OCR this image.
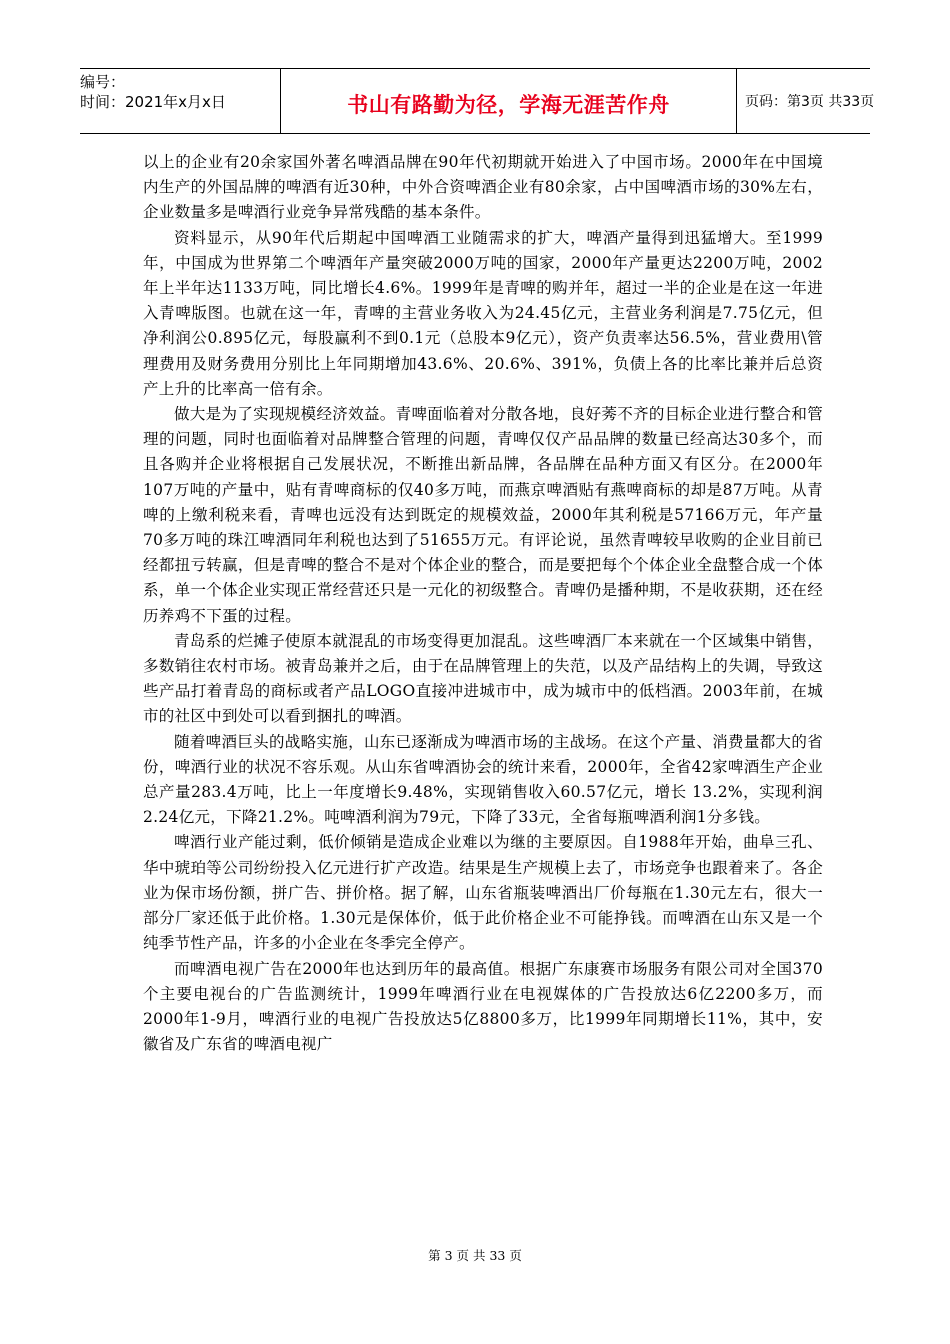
编号：
时间：2021年x月x日	书山有路勤为径，学海无涯苦作舟	页码：第3页 共33页

以上的企业有20余家国外著名啤酒品牌在90年代初期就开始进入了中国市场。2000年在中国境内生产的外国品牌的啤酒有近30种，中外合资啤酒企业有80余家，占中国啤酒市场的30%左右，企业数量多是啤酒行业竞争异常残酷的基本条件。

资料显示，从90年代后期起中国啤酒工业随需求的扩大，啤酒产量得到迅猛增大。至1999年，中国成为世界第二个啤酒年产量突破2000万吨的国家，2000年产量更达2200万吨，2002年上半年达1133万吨，同比增长4.6%。1999年是青啤的购并年，超过一半的企业是在这一年进入青啤版图。也就在这一年，青啤的主营业务收入为24.45亿元，主营业务利润是7.75亿元，但净利润公0.895亿元，每股赢利不到0.1元（总股本9亿元），资产负责率达56.5%，营业费用\管理费用及财务费用分别比上年同期增加43.6%、20.6%、391%，负债上各的比率比兼并后总资产上升的比率高一倍有余。

做大是为了实现规模经济效益。青啤面临着对分散各地，良好莠不齐的目标企业进行整合和管理的问题，同时也面临着对品牌整合管理的问题，青啤仅仅产品品牌的数量已经高达30多个，而且各购并企业将根据自己发展状况，不断推出新品牌，各品牌在品种方面又有区分。在2000年107万吨的产量中，贴有青啤商标的仅40多万吨，而燕京啤酒贴有燕啤商标的却是87万吨。从青啤的上缴利税来看，青啤也远没有达到既定的规模效益，2000年其利税是57166万元，年产量70多万吨的珠江啤酒同年利税也达到了51655万元。有评论说，虽然青啤较早收购的企业目前已经都扭亏转赢，但是青啤的整合不是对个体企业的整合，而是要把每个个体企业全盘整合成一个体系，单一个体企业实现正常经营还只是一元化的初级整合。青啤仍是播种期，不是收获期，还在经历养鸡不下蛋的过程。

青岛系的烂摊子使原本就混乱的市场变得更加混乱。这些啤酒厂本来就在一个区域集中销售，多数销往农村市场。被青岛兼并之后，由于在品牌管理上的失范，以及产品结构上的失调，导致这些产品打着青岛的商标或者产品LOGO直接冲进城市中，成为城市中的低档酒。2003年前，在城市的社区中到处可以看到捆扎的啤酒。

随着啤酒巨头的战略实施，山东已逐渐成为啤酒市场的主战场。在这个产量、消费量都大的省份，啤酒行业的状况不容乐观。从山东省啤酒协会的统计来看，2000年，全省42家啤酒生产企业总产量283.4万吨，比上一年度增长9.48%，实现销售收入60.57亿元，增长 13.2%，实现利润2.24亿元，下降21.2%。吨啤酒利润为79元，下降了33元，全省每瓶啤酒利润1分多钱。

啤酒行业产能过剩，低价倾销是造成企业难以为继的主要原因。自1988年开始，曲阜三孔、华中琥珀等公司纷纷投入亿元进行扩产改造。结果是生产规模上去了，市场竞争也跟着来了。各企业为保市场份额，拼广告、拼价格。据了解，山东省瓶装啤酒出厂价每瓶在1.30元左右，很大一部分厂家还低于此价格。1.30元是保体价，低于此价格企业不可能挣钱。而啤酒在山东又是一个纯季节性产品，许多的小企业在冬季完全停产。

而啤酒电视广告在2000年也达到历年的最高值。根据广东康赛市场服务有限公司对全国370个主要电视台的广告监测统计，1999年啤酒行业在电视媒体的广告投放达6亿2200多万，而2000年1-9月，啤酒行业的电视广告投放达5亿8800多万，比1999年同期增长11%，其中，安徽省及广东省的啤酒电视广

第 3 页 共 33 页
